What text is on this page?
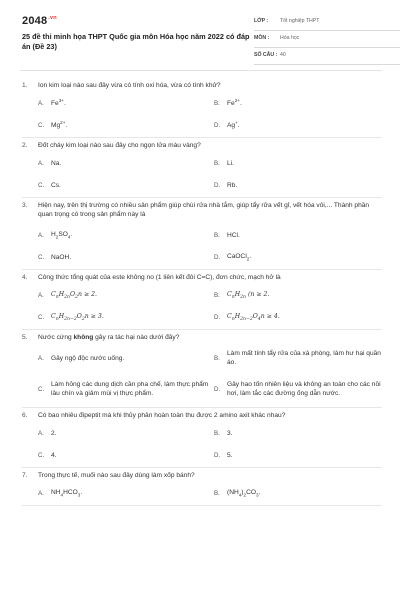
$2048^{.vn}$
25 đề thi minh họa THPT Quốc gia môn Hóa học năm 2022 có đáp án (Đề 23)
LỚP :	Tốt nghiệp THPT
MÔN :	Hóa học
SỐ CÂU : 40
1.	Ion kim loại nào sau đây vừa có tính oxi hóa, vừa có tính khử?
A.	$Fe^{3+}$.	B.	$Fe^{2+}$.
C.	$Mg^{2+}$.	D.	Ag+.
2.	Đốt cháy kim loại nào sau đây cho ngọn lửa màu vàng?
A.	Na.	B.	Li.
C.	Cs.	D.	Rb.
3.	Hiện nay, trên thị trường có nhiều sản phẩm giúp chùi rửa nhà tắm, giúp tẩy rửa vết gỉ, vết hóa vôi,... Thành phần quan trọng có trong sản phẩm này là
A.	$H_2SO_4$.	B.	HCl.
C.	NaOH.	D.	CaOCl$_2$.
4.	Công thức tổng quát của este không no (1 liên kết đôi C=C), đơn chức, mạch hở là
A.	$C_nH_{2n}O_2n \ge 2$.	B.	$C_nH_{2n}$ (n ≥ 2.
C.	$C_nH_{2n-2}O_2n \ge 3$.	D.	$C_nH_{2n-2}O_4n \ge 4$.
5.	Nước cứng không gây ra tác hại nào dưới đây?
A.	Gây ngộ độc nước uống.	B.
Làm mất tính tẩy rửa của xà phòng, làm hư hại quần áo.
C.
Làm hỏng các dung dịch cần pha chế, làm thực phẩm lâu chín và giảm mùi vị thực phẩm.
D.
Gây hao tốn nhiên liệu và không an toàn cho các nồi hơi, làm tắc các đường ống dẫn nước.
6.	Có bao nhiêu đipeptit mà khi thủy phân hoàn toàn thu được 2 amino axit khác nhau?
A.	2.	B.	3.
C.	4.	D.	5.
7.	Trong thực tế, muối nào sau đây dùng làm xốp bánh?
A.	$NH_4HCO_3$.	B.	$(NH_4)_2CO_3$.
